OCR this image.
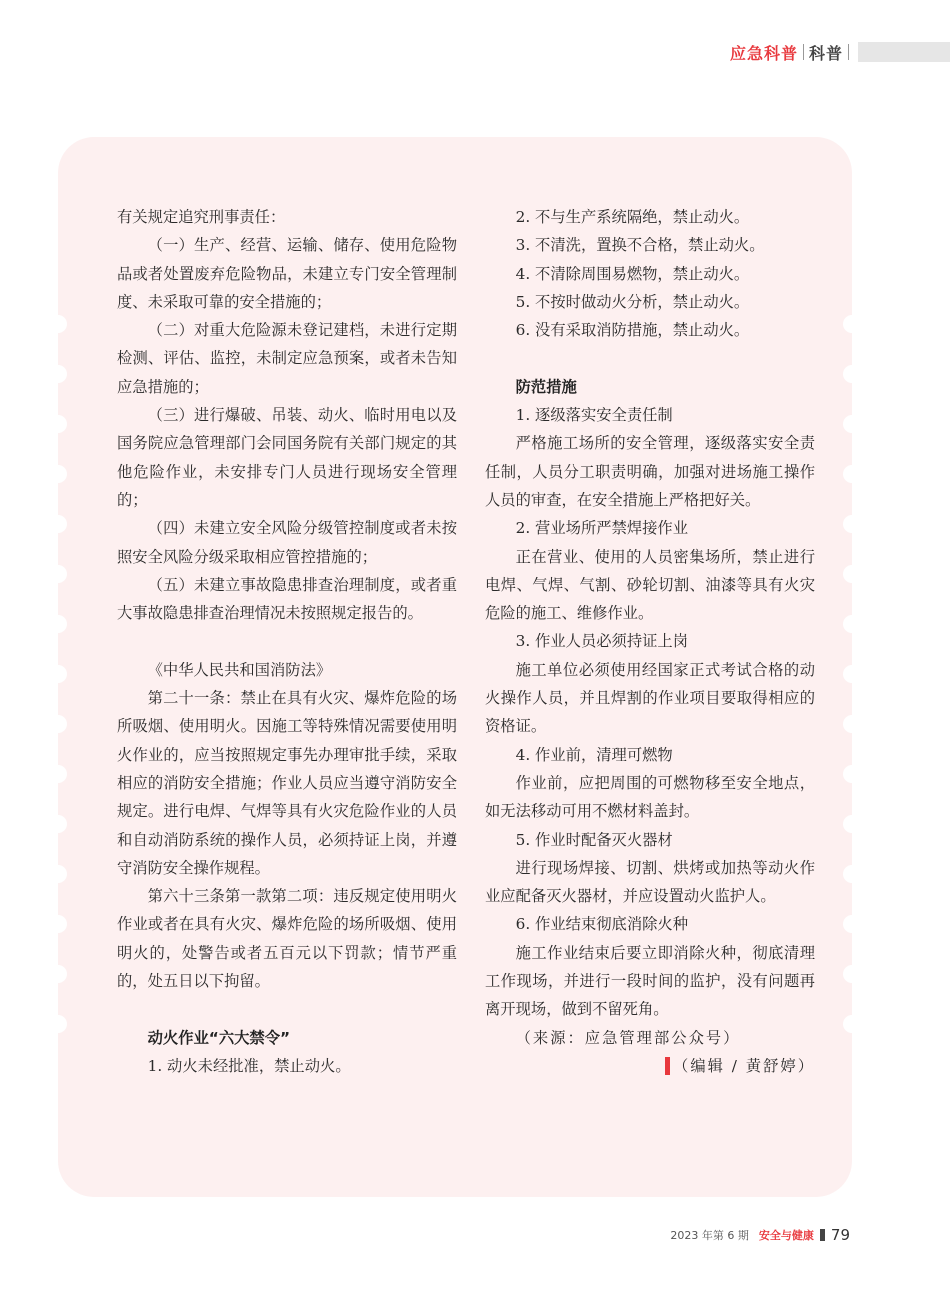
应急科普 科普

有关规定追究刑事责任：

（一）生产、经营、运输、储存、使用危险物品或者处置废弃危险物品，未建立专门安全管理制度、未采取可靠的安全措施的；

（二）对重大危险源未登记建档，未进行定期检测、评估、监控，未制定应急预案，或者未告知应急措施的；

（三）进行爆破、吊装、动火、临时用电以及国务院应急管理部门会同国务院有关部门规定的其他危险作业，未安排专门人员进行现场安全管理的；

（四）未建立安全风险分级管控制度或者未按照安全风险分级采取相应管控措施的；

（五）未建立事故隐患排查治理制度，或者重大事故隐患排查治理情况未按照规定报告的。

《中华人民共和国消防法》

第二十一条：禁止在具有火灾、爆炸危险的场所吸烟、使用明火。因施工等特殊情况需要使用明火作业的，应当按照规定事先办理审批手续，采取相应的消防安全措施；作业人员应当遵守消防安全规定。进行电焊、气焊等具有火灾危险作业的人员和自动消防系统的操作人员，必须持证上岗，并遵守消防安全操作规程。

第六十三条第一款第二项：违反规定使用明火作业或者在具有火灾、爆炸危险的场所吸烟、使用明火的，处警告或者五百元以下罚款；情节严重的，处五日以下拘留。

动火作业“六大禁令”

1. 动火未经批准，禁止动火。

2. 不与生产系统隔绝，禁止动火。

3. 不清洗，置换不合格，禁止动火。

4. 不清除周围易燃物，禁止动火。

5. 不按时做动火分析，禁止动火。

6. 没有采取消防措施，禁止动火。

防范措施

1. 逐级落实安全责任制

严格施工场所的安全管理，逐级落实安全责任制，人员分工职责明确，加强对进场施工操作人员的审查，在安全措施上严格把好关。

2. 营业场所严禁焊接作业

正在营业、使用的人员密集场所，禁止进行电焊、气焊、气割、砂轮切割、油漆等具有火灾危险的施工、维修作业。

3. 作业人员必须持证上岗

施工单位必须使用经国家正式考试合格的动火操作人员，并且焊割的作业项目要取得相应的资格证。

4. 作业前，清理可燃物

作业前，应把周围的可燃物移至安全地点，如无法移动可用不燃材料盖封。

5. 作业时配备灭火器材

进行现场焊接、切割、烘烤或加热等动火作业应配备灭火器材，并应设置动火监护人。

6. 作业结束彻底消除火种

施工作业结束后要立即消除火种，彻底清理工作现场，并进行一段时间的监护，没有问题再离开现场，做到不留死角。

（来源：应急管理部公众号）

（编辑 / 黄舒婷）
2023 年第 6 期 安全与健康 79
